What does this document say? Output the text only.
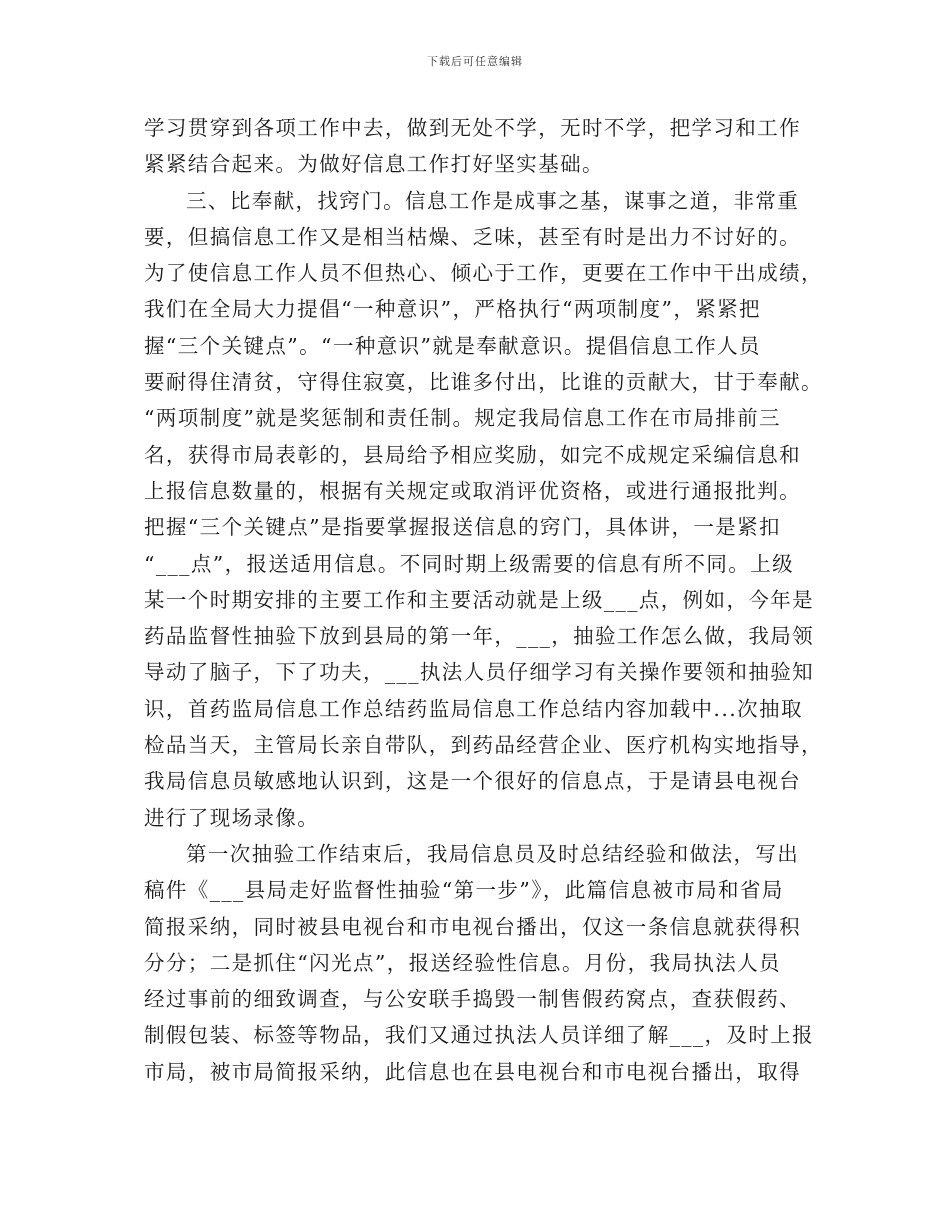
下载后可任意编辑
学习贯穿到各项工作中去，做到无处不学，无时不学，把学习和工作
紧紧结合起来。为做好信息工作打好坚实基础。
三、比奉献，找窍门。信息工作是成事之基，谋事之道，非常重
要，但搞信息工作又是相当枯燥、乏味，甚至有时是出力不讨好的。
为了使信息工作人员不但热心、倾心于工作，更要在工作中干出成绩，
我们在全局大力提倡“一种意识”，严格执行“两项制度”，紧紧把
握“三个关键点”。“一种意识”就是奉献意识。提倡信息工作人员
要耐得住清贫，守得住寂寞，比谁多付出，比谁的贡献大，甘于奉献。
“两项制度”就是奖惩制和责任制。规定我局信息工作在市局排前三
名，获得市局表彰的，县局给予相应奖励，如完不成规定采编信息和
上报信息数量的，根据有关规定或取消评优资格，或进行通报批判。
把握“三个关键点”是指要掌握报送信息的窍门，具体讲，一是紧扣
“___点”，报送适用信息。不同时期上级需要的信息有所不同。上级
某一个时期安排的主要工作和主要活动就是上级___点，例如，今年是
药品监督性抽验下放到县局的第一年，___，抽验工作怎么做，我局领
导动了脑子，下了功夫，___执法人员仔细学习有关操作要领和抽验知
识，首药监局信息工作总结药监局信息工作总结内容加载中...次抽取
检品当天，主管局长亲自带队，到药品经营企业、医疗机构实地指导，
我局信息员敏感地认识到，这是一个很好的信息点，于是请县电视台
进行了现场录像。
第一次抽验工作结束后，我局信息员及时总结经验和做法，写出
稿件《___县局走好监督性抽验“第一步”》，此篇信息被市局和省局
简报采纳，同时被县电视台和市电视台播出，仅这一条信息就获得积
分分；二是抓住“闪光点”，报送经验性信息。月份，我局执法人员
经过事前的细致调查，与公安联手捣毁一制售假药窝点，查获假药、
制假包装、标签等物品，我们又通过执法人员详细了解___，及时上报
市局，被市局简报采纳，此信息也在县电视台和市电视台播出，取得
